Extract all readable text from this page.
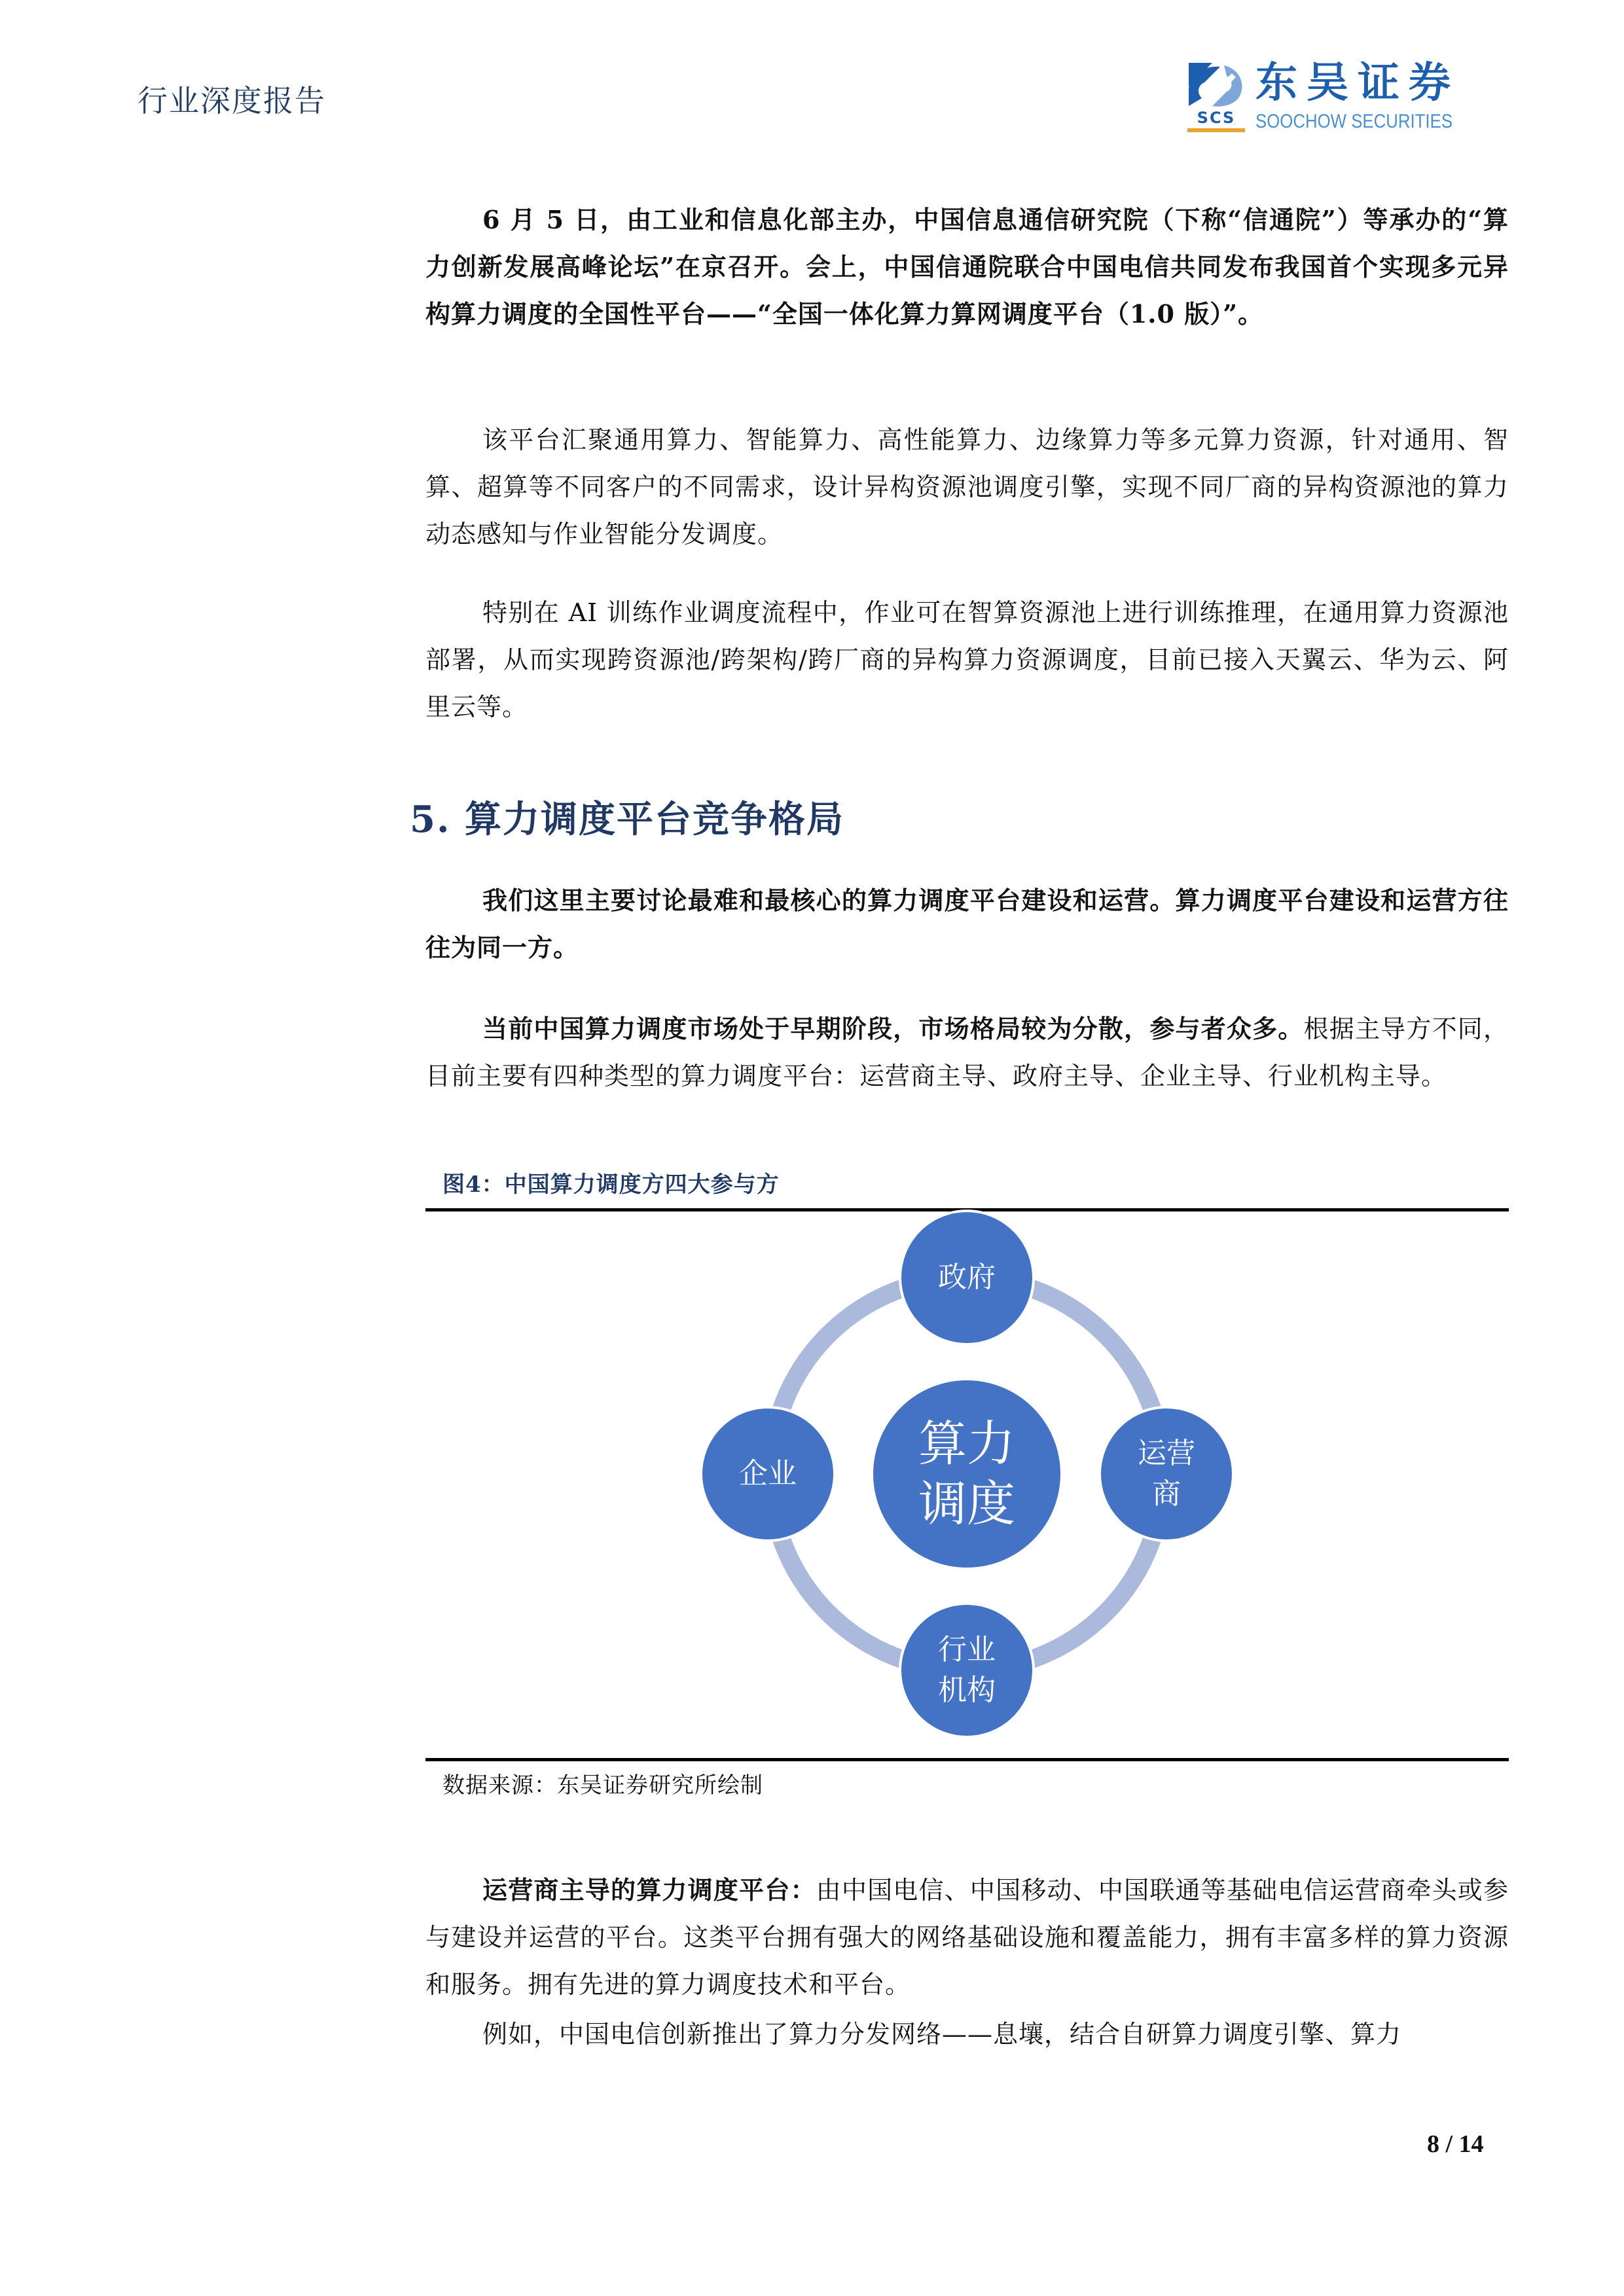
行业深度报告	SCS
东吴证券
SOOCHOW SECURITIES

6 月 5 日，由工业和信息化部主办，中国信息通信研究院（下称“信通院”）等承办的“算力创新发展高峰论坛”在京召开。会上，中国信通院联合中国电信共同发布我国首个实现多元异构算力调度的全国性平台——“全国一体化算力算网调度平台（1.0 版）”。

该平台汇聚通用算力、智能算力、高性能算力、边缘算力等多元算力资源，针对通用、智算、超算等不同客户的不同需求，设计异构资源池调度引擎，实现不同厂商的异构资源池的算力动态感知与作业智能分发调度。

特别在 AI 训练作业调度流程中，作业可在智算资源池上进行训练推理，在通用算力资源池部署，从而实现跨资源池/跨架构/跨厂商的异构算力资源调度，目前已接入天翼云、华为云、阿里云等。

5. 算力调度平台竞争格局

我们这里主要讨论最难和最核心的算力调度平台建设和运营。算力调度平台建设和运营方往往为同一方。

当前中国算力调度市场处于早期阶段，市场格局较为分散，参与者众多。根据主导方不同，目前主要有四种类型的算力调度平台：运营商主导、政府主导、企业主导、行业机构主导。

图4：中国算力调度方四大参与方
算力
调度
政府
运营
商
行业
机构
企业
数据来源：东吴证券研究所绘制

运营商主导的算力调度平台：由中国电信、中国移动、中国联通等基础电信运营商牵头或参与建设并运营的平台。这类平台拥有强大的网络基础设施和覆盖能力，拥有丰富多样的算力资源和服务。拥有先进的算力调度技术和平台。

例如，中国电信创新推出了算力分发网络——息壤，结合自研算力调度引擎、算力

8 / 14
